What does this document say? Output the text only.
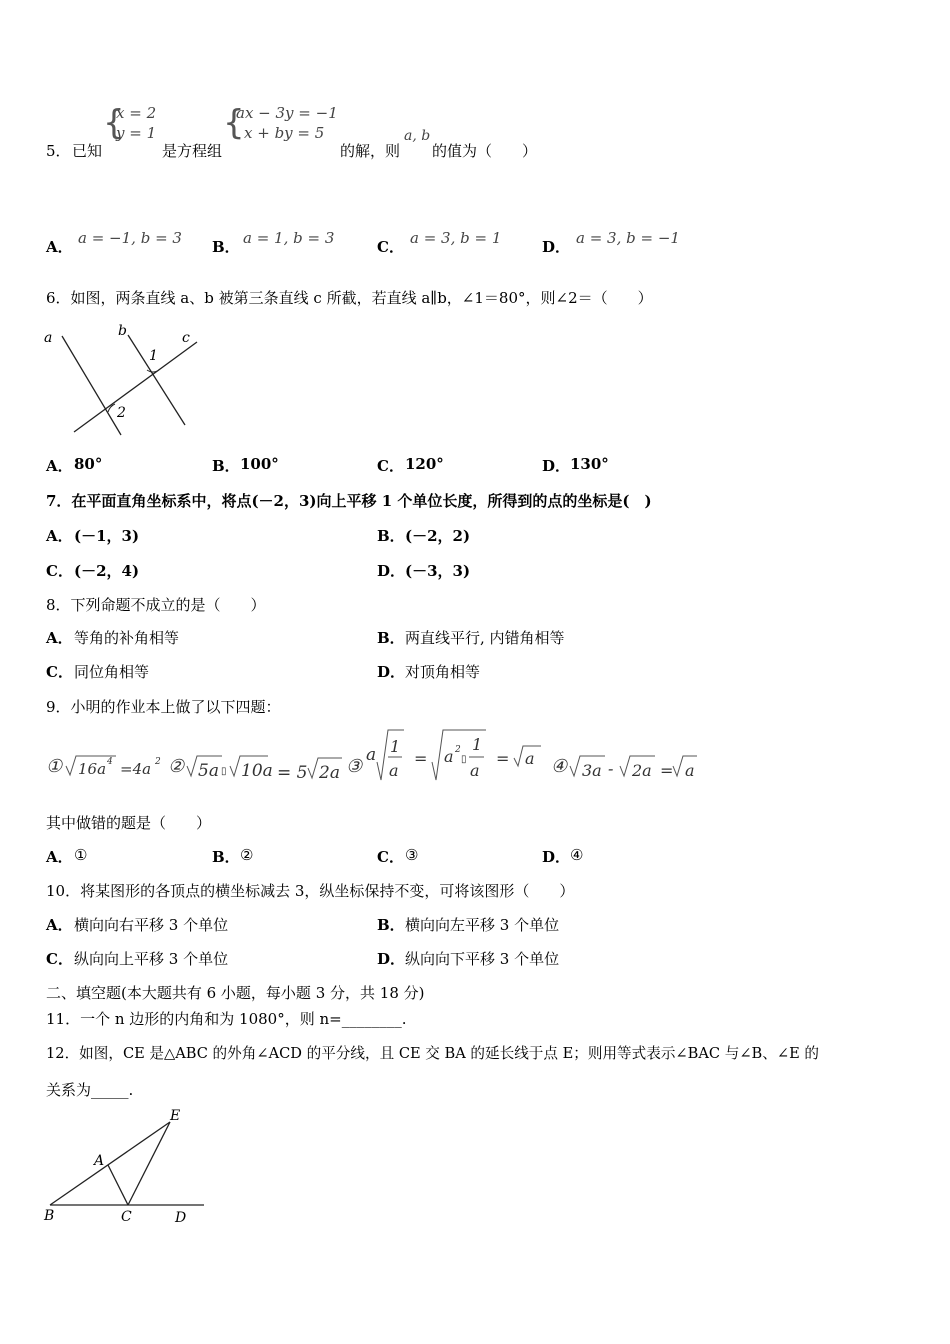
{
x = 2
y = 1 {
ax − 3y = −1
x + by = 5	a, b
5． 已知	是方程组	的解，则 的值为（　　）
A． a = −1, b = 3 B． a = 1, b = 3	C． a = 3, b = 1	D． a = 3, b = −1
6．如图，两条直线 a、b 被第三条直线 c 所截，若直线 a∥b，∠1＝80°，则∠2＝（　　）
a	b	c
1
2
A． 80°	B． 100°	C． 120°	D． 130°
7．在平面直角坐标系中，将点(－2，3)向上平移 1 个单位长度，所得到的点的坐标是(　)
A． (－1，3)	B． (－2，2)
C． (－2，4)	D． (－3，3)
8．下列命题不成立的是（　　）
A． 等角的补角相等	B． 两直线平行, 内错角相等
C． 同位角相等	D． 对顶角相等
9．小明的作业本上做了以下四题：
① 16a 4 =4a 2 ② 5a ▯ 10a = 5 2a ③
a 1
a
= a 2
▯
1
a
= a ④ 3a - 2a = a
其中做错的题是（　　）
A． ①	B． ②	C． ③	D． ④
10．将某图形的各顶点的横坐标减去 3，纵坐标保持不变，可将该图形（　　）
A． 横向向右平移 3 个单位	B． 横向向左平移 3 个单位
C． 纵向向上平移 3 个单位	D． 纵向向下平移 3 个单位
二、填空题(本大题共有 6 小题，每小题 3 分，共 18 分)
11．一个 n 边形的内角和为 1080°，则 n=________.
12．如图，CE 是△ABC 的外角∠ACD 的平分线，且 CE 交 BA 的延长线于点 E；则用等式表示∠BAC 与∠B、∠E 的
关系为_____.
A
B	C	D
E
